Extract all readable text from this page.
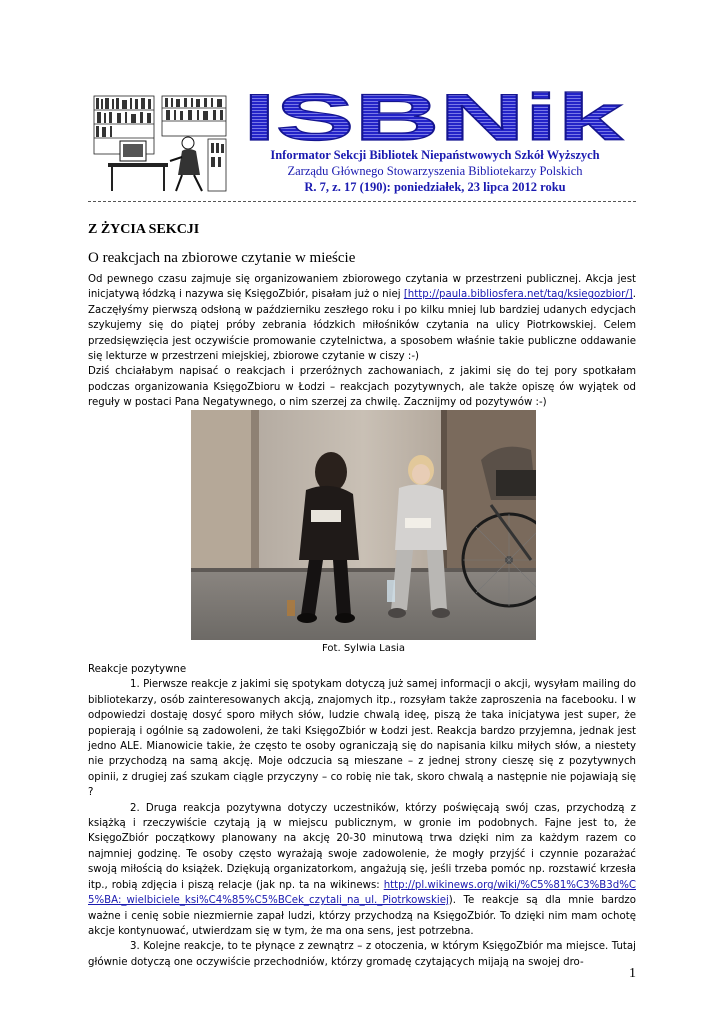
ISBNik
Informator Sekcji Bibliotek Niepaństwowych Szkół Wyższych
Zarządu Głównego Stowarzyszenia Bibliotekarzy Polskich
R. 7, z. 17 (190): poniedziałek, 23 lipca 2012 roku
Z ŻYCIA SEKCJI
O reakcjach na zbiorowe czytanie w mieście

Od pewnego czasu zajmuje się organizowaniem zbiorowego czytania w przestrzeni publicznej. Akcja jest inicjatywą łódzką i nazywa się KsięgoZbiór, pisałam już o niej [http://paula.bibliosfera.net/tag/ksiegozbior/]. Zaczęłyśmy pierwszą odsłoną w październiku zeszłego roku i po kilku mniej lub bardziej udanych edycjach szykujemy się do piątej próby zebrania łódzkich miłośników czytania na ulicy Piotrkowskiej. Celem przedsięwzięcia jest oczywiście promowanie czytelnictwa, a sposobem właśnie takie publiczne oddawanie się lekturze w przestrzeni miejskiej, zbiorowe czytanie w ciszy :-)

Dziś chciałabym napisać o reakcjach i przeróżnych zachowaniach, z jakimi się do tej pory spotkałam podczas organizowania KsięgoZbioru w Łodzi – reakcjach pozytywnych, ale także opiszę ów wyjątek od reguły w postaci Pana Negatywnego, o nim szerzej za chwilę. Zacznijmy od pozytywów :-)

Fot. Sylwia Lasia

Reakcje pozytywne

1. Pierwsze reakcje z jakimi się spotykam dotyczą już samej informacji o akcji, wysyłam mailing do bibliotekarzy, osób zainteresowanych akcją, znajomych itp., rozsyłam także zaproszenia na facebooku. I w odpowiedzi dostaję dosyć sporo miłych słów, ludzie chwalą ideę, piszą że taka inicjatywa jest super, że popierają i ogólnie są zadowoleni, że taki KsięgoZbiór w Łodzi jest. Reakcja bardzo przyjemna, jednak jest jedno ALE. Mianowicie takie, że często te osoby ograniczają się do napisania kilku miłych słów, a niestety nie przychodzą na samą akcję. Moje odczucia są mieszane – z jednej strony cieszę się z pozytywnych opinii, z drugiej zaś szukam ciągle przyczyny – co robię nie tak, skoro chwalą a następnie nie pojawiają się ?

2. Druga reakcja pozytywna dotyczy uczestników, którzy poświęcają swój czas, przychodzą z książką i rzeczywiście czytają ją w miejscu publicznym, w gronie im podobnych. Fajne jest to, że KsięgoZbiór początkowy planowany na akcję 20-30 minutową trwa dzięki nim za każdym razem co najmniej godzinę. Te osoby często wyrażają swoje zadowolenie, że mogły przyjść i czynnie pozarażać swoją miłością do książek. Dziękują organizatorkom, angażują się, jeśli trzeba pomóc np. rozstawić krzesła itp., robią zdjęcia i piszą relacje (jak np. ta na wikinews: http://pl.wikinews.org/wiki/%C5%81%C3%B3d%C5%BA:_wielbiciele_ksi%C4%85%C5%BCek_czytali_na_ul._Piotrkowskiej). Te reakcje są dla mnie bardzo ważne i cenię sobie niezmiernie zapał ludzi, którzy przychodzą na KsięgoZbiór. To dzięki nim mam ochotę akcje kontynuować, utwierdzam się w tym, że ma ona sens, jest potrzebna.

3. Kolejne reakcje, to te płynące z zewnątrz – z otoczenia, w którym KsięgoZbiór ma miejsce. Tutaj głównie dotyczą one oczywiście przechodniów, którzy gromadę czytających mijają na swojej dro-

1
